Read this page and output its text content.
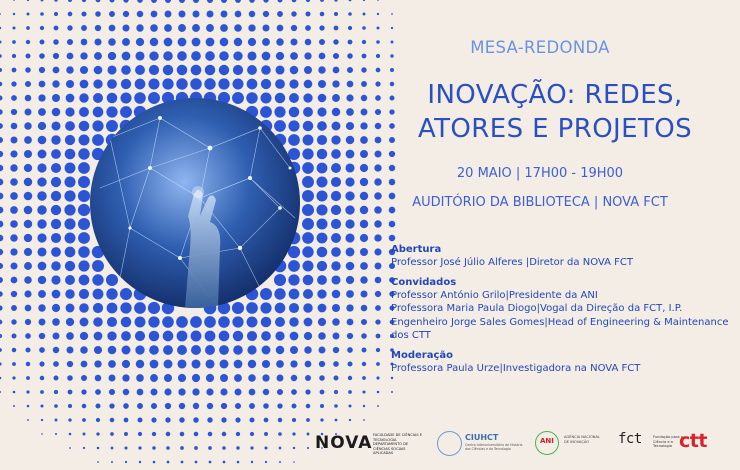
MESA-REDONDA
INOVAÇÃO: REDES,
ATORES E PROJETOS
20 MAIO | 17H00 - 19H00
AUDITÓRIO DA BIBLIOTECA | NOVA FCT
Abertura
Professor José Júlio Alferes |Diretor da NOVA FCT
Convidados
Professor António Grilo|Presidente da ANI
Professora Maria Paula Diogo|Vogal da Direção da FCT, I.P.
Engenheiro Jorge Sales Gomes|Head of Engineering & Maintenance
dos CTT
Moderação
Professora Paula Urze|Investigadora na NOVA FCT
NOVA FACULDADE DE CIÊNCIAS E TECNOLOGIA DEPARTAMENTO DE CIÊNCIAS SOCIAIS APLICADAS
CIUHCT
Centro Interuniversitário de História das Ciências e da Tecnologia
ANI	AGÊNCIA NACIONAL DE INOVAÇÃO	fct	Fundação para a Ciência e a Tecnologia ctt
